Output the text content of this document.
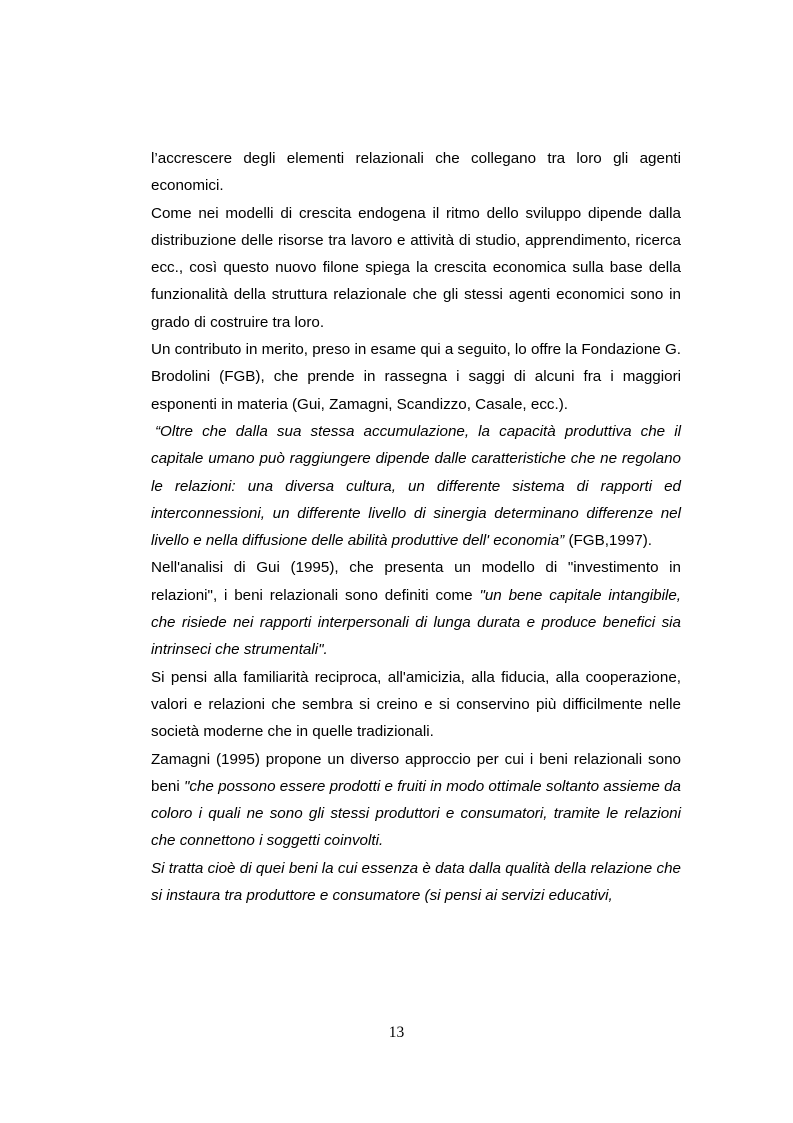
l’accrescere degli elementi relazionali che collegano tra loro gli agenti economici.

Come nei modelli di crescita endogena il ritmo dello sviluppo dipende dalla distribuzione delle risorse tra lavoro e attività di studio, apprendimento, ricerca ecc., così questo nuovo filone spiega la crescita economica sulla base della funzionalità della struttura relazionale che gli stessi agenti economici sono in grado di costruire tra loro.

Un contributo in merito, preso in esame qui a seguito, lo offre la Fondazione G. Brodolini (FGB), che prende in rassegna i saggi di alcuni fra i maggiori esponenti in materia (Gui, Zamagni, Scandizzo, Casale, ecc.).

“Oltre che dalla sua stessa accumulazione, la capacità produttiva che il capitale umano può raggiungere dipende dalle caratteristiche che ne regolano le relazioni: una diversa cultura, un differente sistema di rapporti ed interconnessioni, un differente livello di sinergia determinano differenze nel livello e nella diffusione delle abilità produttive dell' economia” (FGB,1997).

Nell'analisi di Gui (1995), che presenta un modello di "investimento in relazioni", i beni relazionali sono definiti come "un bene capitale intangibile, che risiede nei rapporti interpersonali di lunga durata e produce benefici sia intrinseci che strumentali".

Si pensi alla familiarità reciproca, all'amicizia, alla fiducia, alla cooperazione, valori e relazioni che sembra si creino e si conservino più difficilmente nelle società moderne che in quelle tradizionali.

Zamagni (1995) propone un diverso approccio per cui i beni relazionali sono beni "che possono essere prodotti e fruiti in modo ottimale soltanto assieme da coloro i quali ne sono gli stessi produttori e consumatori, tramite le relazioni che connettono i soggetti coinvolti.

Si tratta cioè di quei beni la cui essenza è data dalla qualità della relazione che si instaura tra produttore e consumatore (si pensi ai servizi educativi,

13
